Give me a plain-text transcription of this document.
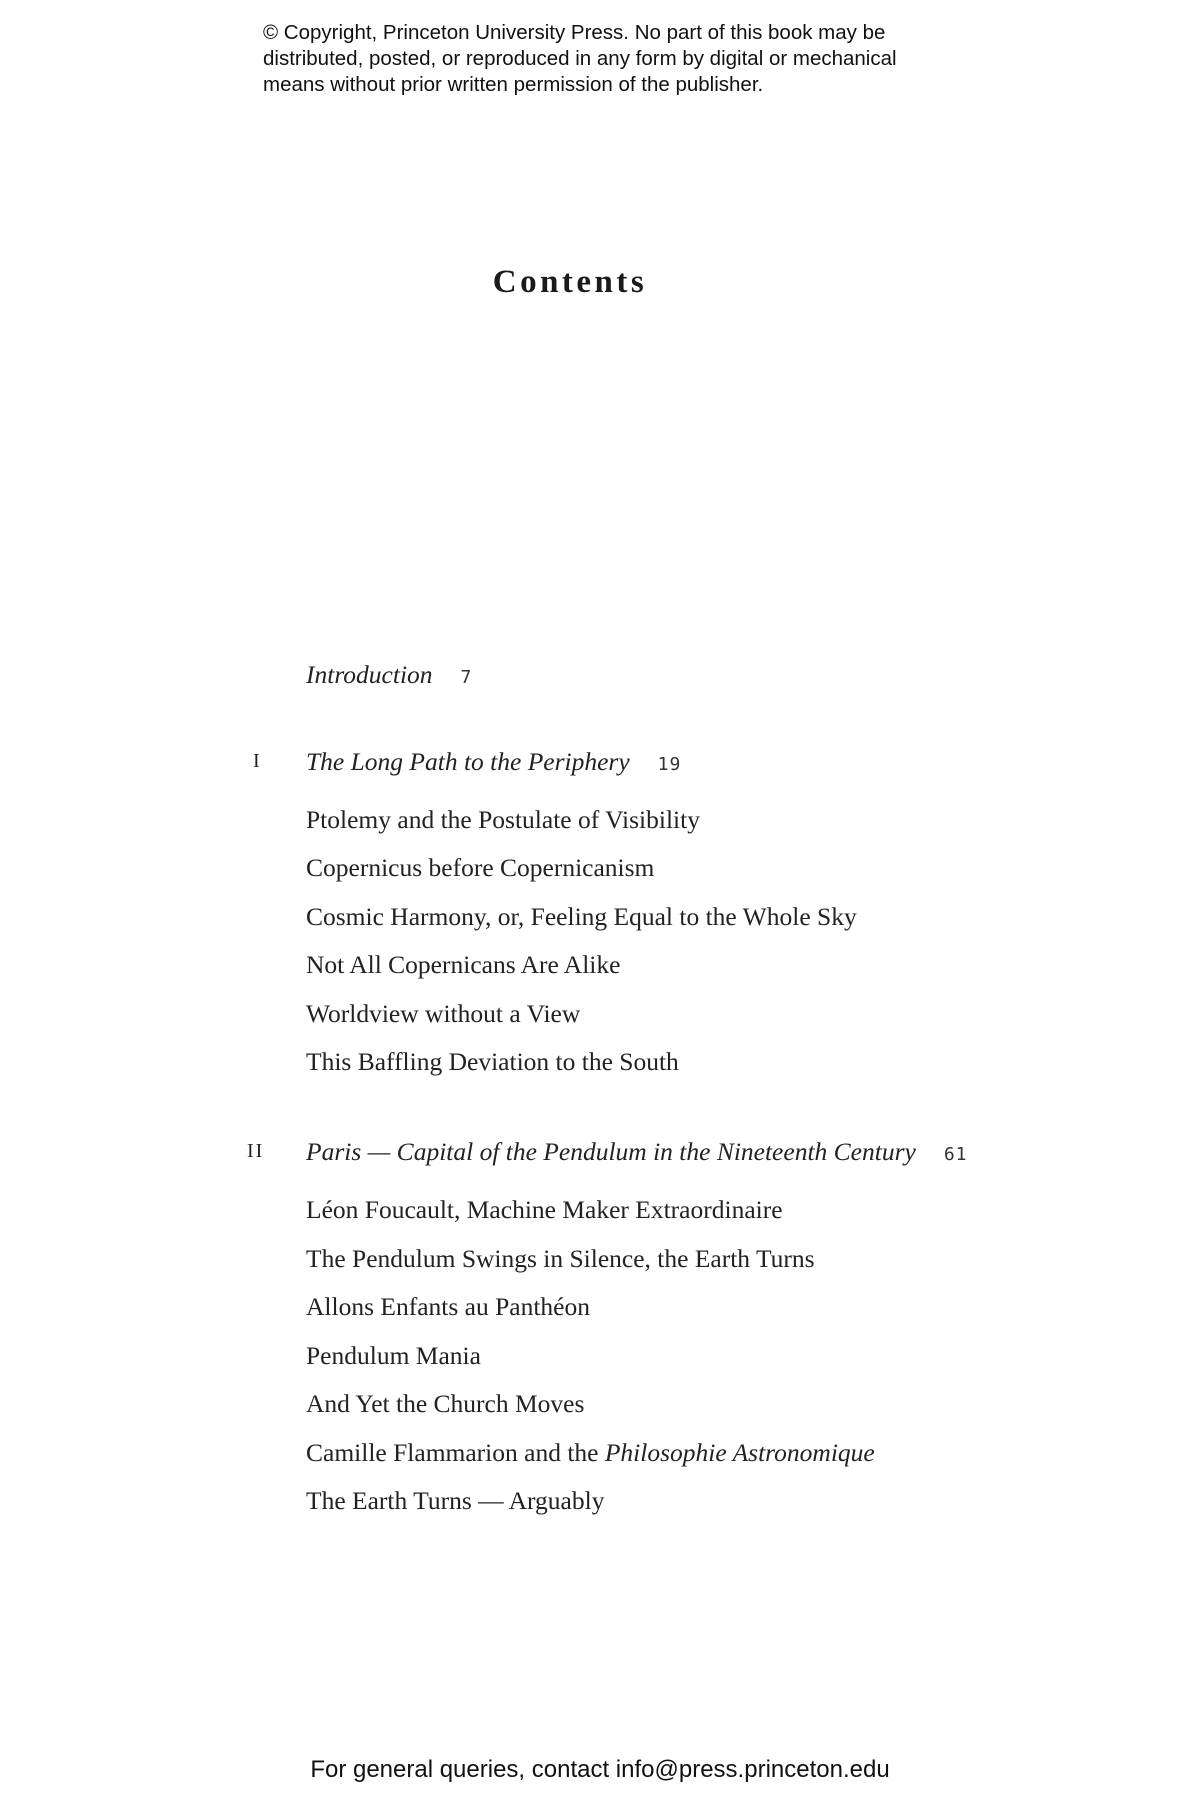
© Copyright, Princeton University Press. No part of this book may be
distributed, posted, or reproduced in any form by digital or mechanical
means without prior written permission of the publisher.
Contents
Introduction 7
I The Long Path to the Periphery 19
Ptolemy and the Postulate of Visibility
Copernicus before Copernicanism
Cosmic Harmony, or, Feeling Equal to the Whole Sky
Not All Copernicans Are Alike
Worldview without a View
This Baffling Deviation to the South
II Paris — Capital of the Pendulum in the Nineteenth Century 61
Léon Foucault, Machine Maker Extraordinaire
The Pendulum Swings in Silence, the Earth Turns
Allons Enfants au Panthéon
Pendulum Mania
And Yet the Church Moves
Camille Flammarion and the Philosophie Astronomique
The Earth Turns — Arguably
For general queries, contact info@press.princeton.edu
